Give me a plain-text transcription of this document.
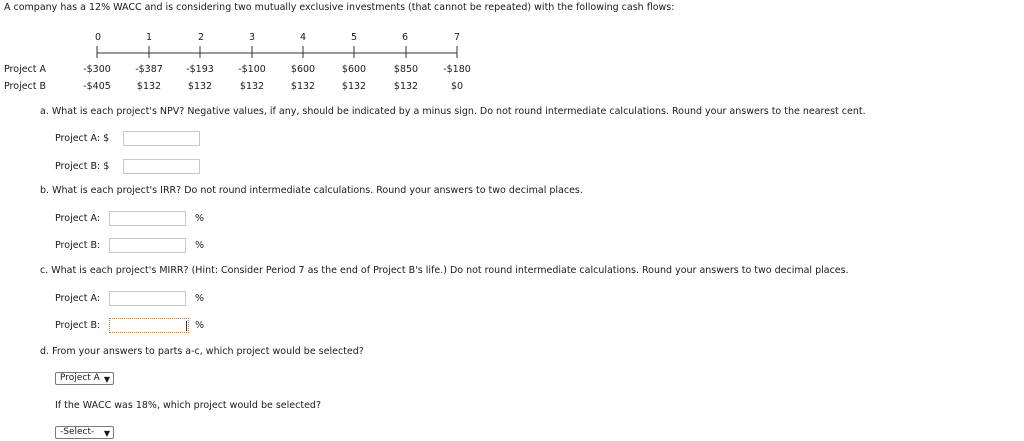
A company has a 12% WACC and is considering two mutually exclusive investments (that cannot be repeated) with the following cash flows:
0	1	2	3	4	5	6	7
Project A	-$300	-$387	-$193	-$100	$600	$600	$850	-$180
Project B	-$405	$132	$132	$132	$132	$132	$132	$0
a. What is each project's NPV? Negative values, if any, should be indicated by a minus sign. Do not round intermediate calculations. Round your answers to the nearest cent.
Project A: $
Project B: $
b. What is each project's IRR? Do not round intermediate calculations. Round your answers to two decimal places.
Project A:	%
Project B:	%
c. What is each project's MIRR? (Hint: Consider Period 7 as the end of Project B's life.) Do not round intermediate calculations. Round your answers to two decimal places.
Project A:	%
Project B:	%
d. From your answers to parts a-c, which project would be selected?
Project A ▼
If the WACC was 18%, which project would be selected?
-Select- ▼
